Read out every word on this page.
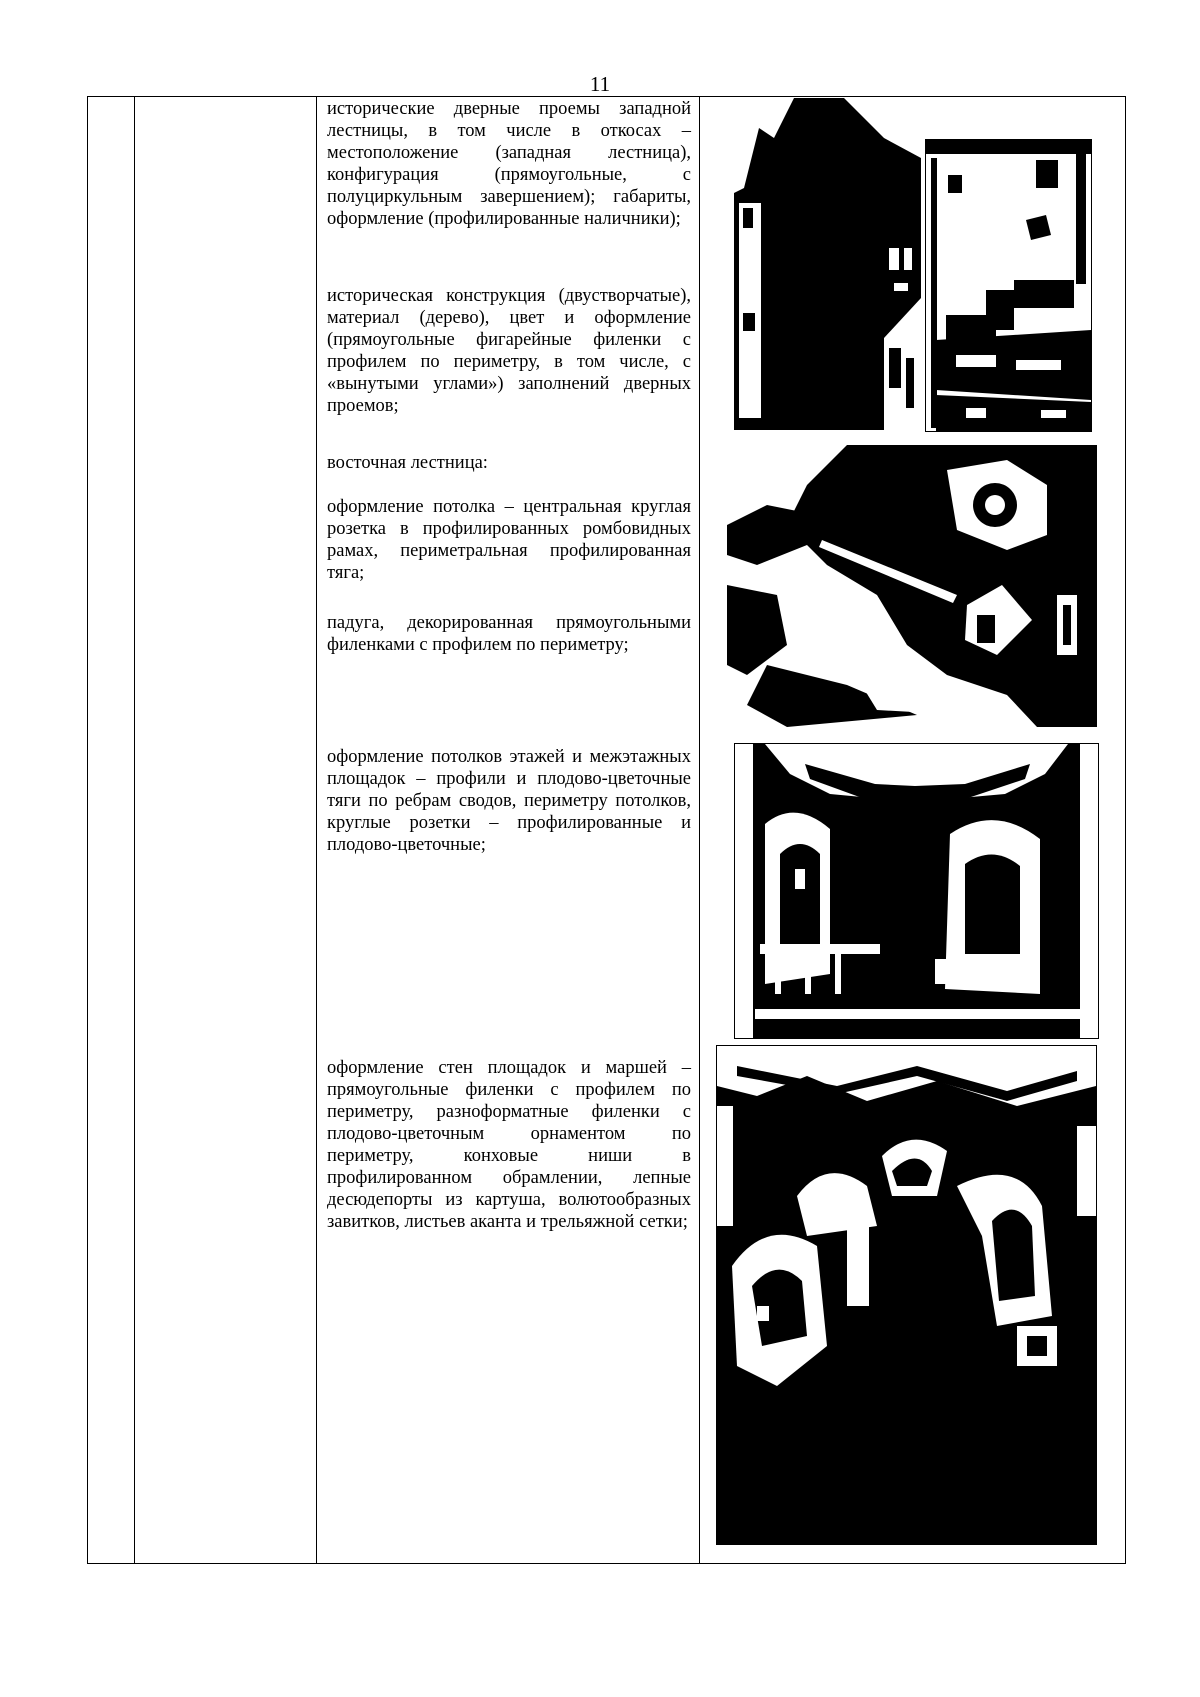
11
исторические дверные проемы западной лестницы, в том числе в откосах – местоположение (западная лестница), конфигурация (прямоугольные, с полуциркульным завершением); габариты, оформление (профилированные наличники);
историческая конструкция (двустворчатые), материал (дерево), цвет и оформление (прямоугольные фигарейные филенки с профилем по периметру, в том числе, с «вынутыми углами») заполнений дверных проемов;
восточная лестница:
оформление потолка – центральная круглая розетка в профилированных ромбовидных рамах, периметральная профилированная тяга;
падуга, декорированная прямоугольными филенками с профилем по периметру;
оформление потолков этажей и межэтажных площадок – профили и плодово-цветочные тяги по ребрам сводов, периметру потолков, круглые розетки – профилированные и плодово-цветочные;
оформление стен площадок и маршей – прямоугольные филенки с профилем по периметру, разноформатные филенки с плодово-цветочным орнаментом по периметру, конховые ниши в профилированном обрамлении, лепные десюдепорты из картуша, волютообразных завитков, листьев аканта и трельяжной сетки;
